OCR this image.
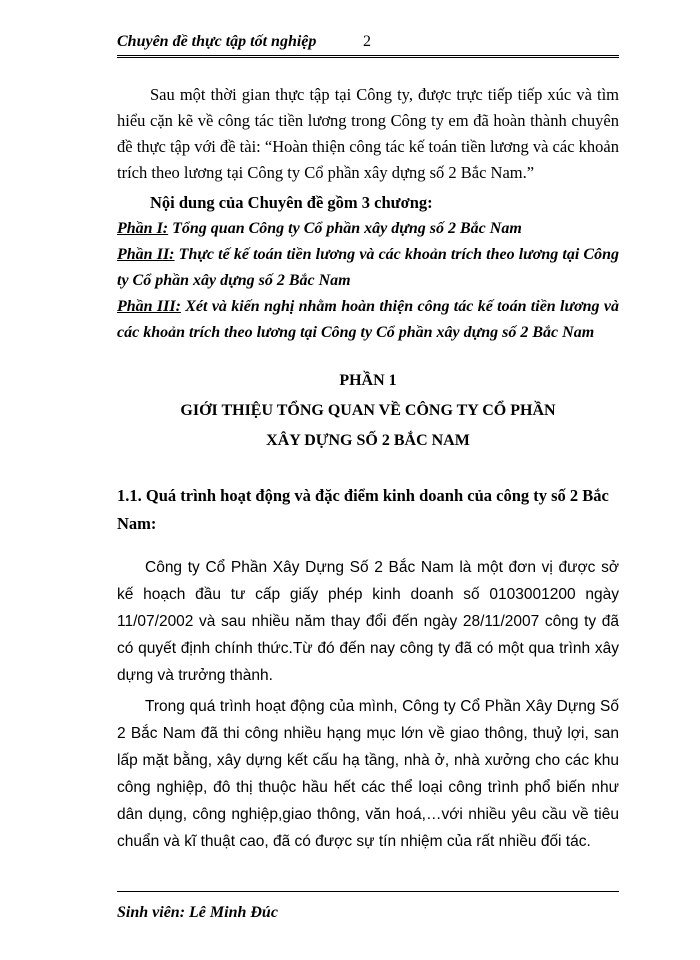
Chuyên đề thực tập tốt nghiệp	2

Sau một thời gian thực tập tại Công ty, được trực tiếp tiếp xúc và tìm hiểu cặn kẽ về công tác tiền lương trong Công ty em đã hoàn thành chuyên đề thực tập với đề tài: “Hoàn thiện công tác kế toán tiền lương và các khoản trích theo lương tại Công ty Cổ phần xây dựng số 2 Bắc Nam.”

Nội dung của Chuyên đề gồm 3 chương:

Phần I: Tổng quan Công ty Cổ phần xây dựng số 2 Bắc Nam

Phần II: Thực tế kế toán tiền lương và các khoản trích theo lương tại Công ty Cổ phần xây dựng số 2 Bắc Nam

Phần III: Xét và kiến nghị nhằm hoàn thiện công tác kế toán tiền lương và các khoản trích theo lương tại Công ty Cổ phần xây dựng số 2 Bắc Nam

PHẦN 1

GIỚI THIỆU TỔNG QUAN VỀ CÔNG TY CỔ PHẦN

XÂY DỰNG SỐ 2 BẮC NAM

1.1. Quá trình hoạt động và đặc điểm kinh doanh của công ty số 2 Bắc Nam:

Công ty Cổ Phần Xây Dựng Số 2 Bắc Nam là một đơn vị được sở kế hoạch đầu tư cấp giấy phép kinh doanh số 0103001200 ngày 11/07/2002 và sau nhiều năm thay đổi đến ngày 28/11/2007 công ty đã có quyết định chính thức.Từ đó đến nay công ty đã có một qua trình xây dựng và trưởng thành.

Trong quá trình hoạt động của mình, Công ty Cổ Phần Xây Dựng Số 2 Bắc Nam đã thi công nhiều hạng mục lớn về giao thông, thuỷ lợi, san lấp mặt bằng, xây dựng kết cấu hạ tầng, nhà ở, nhà xưởng cho các khu công nghiệp, đô thị thuộc hầu hết các thể loại công trình phổ biến như dân dụng, công nghiệp,giao thông, văn hoá,…với nhiều yêu cầu về tiêu chuẩn và kĩ thuật cao, đã có được sự tín nhiệm của rất nhiều đối tác.

Sinh viên: Lê Minh Đúc
